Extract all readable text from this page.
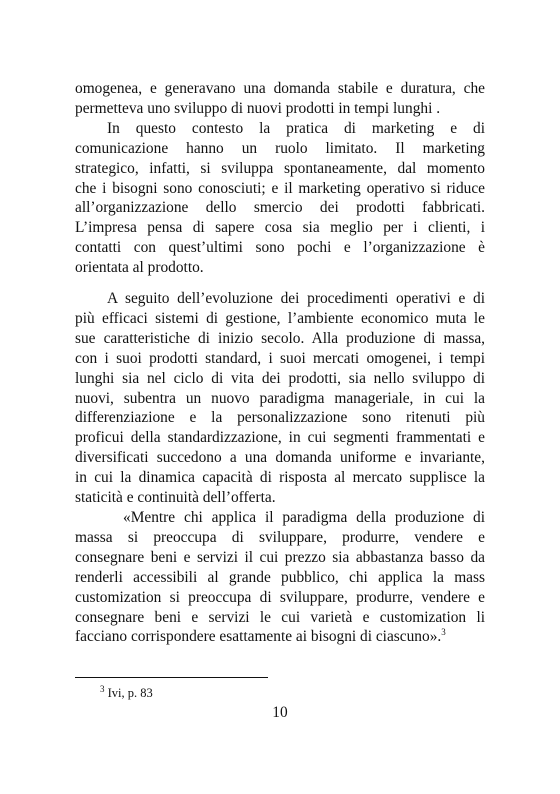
omogenea, e generavano una domanda stabile e duratura, che
permetteva uno sviluppo di nuovi prodotti in tempi lunghi .
In questo contesto la pratica di marketing e di
comunicazione hanno un ruolo limitato. Il marketing
strategico, infatti, si sviluppa spontaneamente, dal momento
che i bisogni sono conosciuti; e il marketing operativo si riduce
all’organizzazione dello smercio dei prodotti fabbricati.
L’impresa pensa di sapere cosa sia meglio per i clienti, i
contatti con quest’ultimi sono pochi e l’organizzazione è
orientata al prodotto.
A seguito dell’evoluzione dei procedimenti operativi e di
più efficaci sistemi di gestione, l’ambiente economico muta le
sue caratteristiche di inizio secolo. Alla produzione di massa,
con i suoi prodotti standard, i suoi mercati omogenei, i tempi
lunghi sia nel ciclo di vita dei prodotti, sia nello sviluppo di
nuovi, subentra un nuovo paradigma manageriale, in cui la
differenziazione e la personalizzazione sono ritenuti più
proficui della standardizzazione, in cui segmenti frammentati e
diversificati succedono a una domanda uniforme e invariante,
in cui la dinamica capacità di risposta al mercato supplisce la
staticità e continuità dell’offerta.
«Mentre chi applica il paradigma della produzione di
massa si preoccupa di sviluppare, produrre, vendere e
consegnare beni e servizi il cui prezzo sia abbastanza basso da
renderli accessibili al grande pubblico, chi applica la mass
customization si preoccupa di sviluppare, produrre, vendere e
consegnare beni e servizi le cui varietà e customization li
facciano corrispondere esattamente ai bisogni di ciascuno».$^3$
$^3$ Ivi, p. 83
10
